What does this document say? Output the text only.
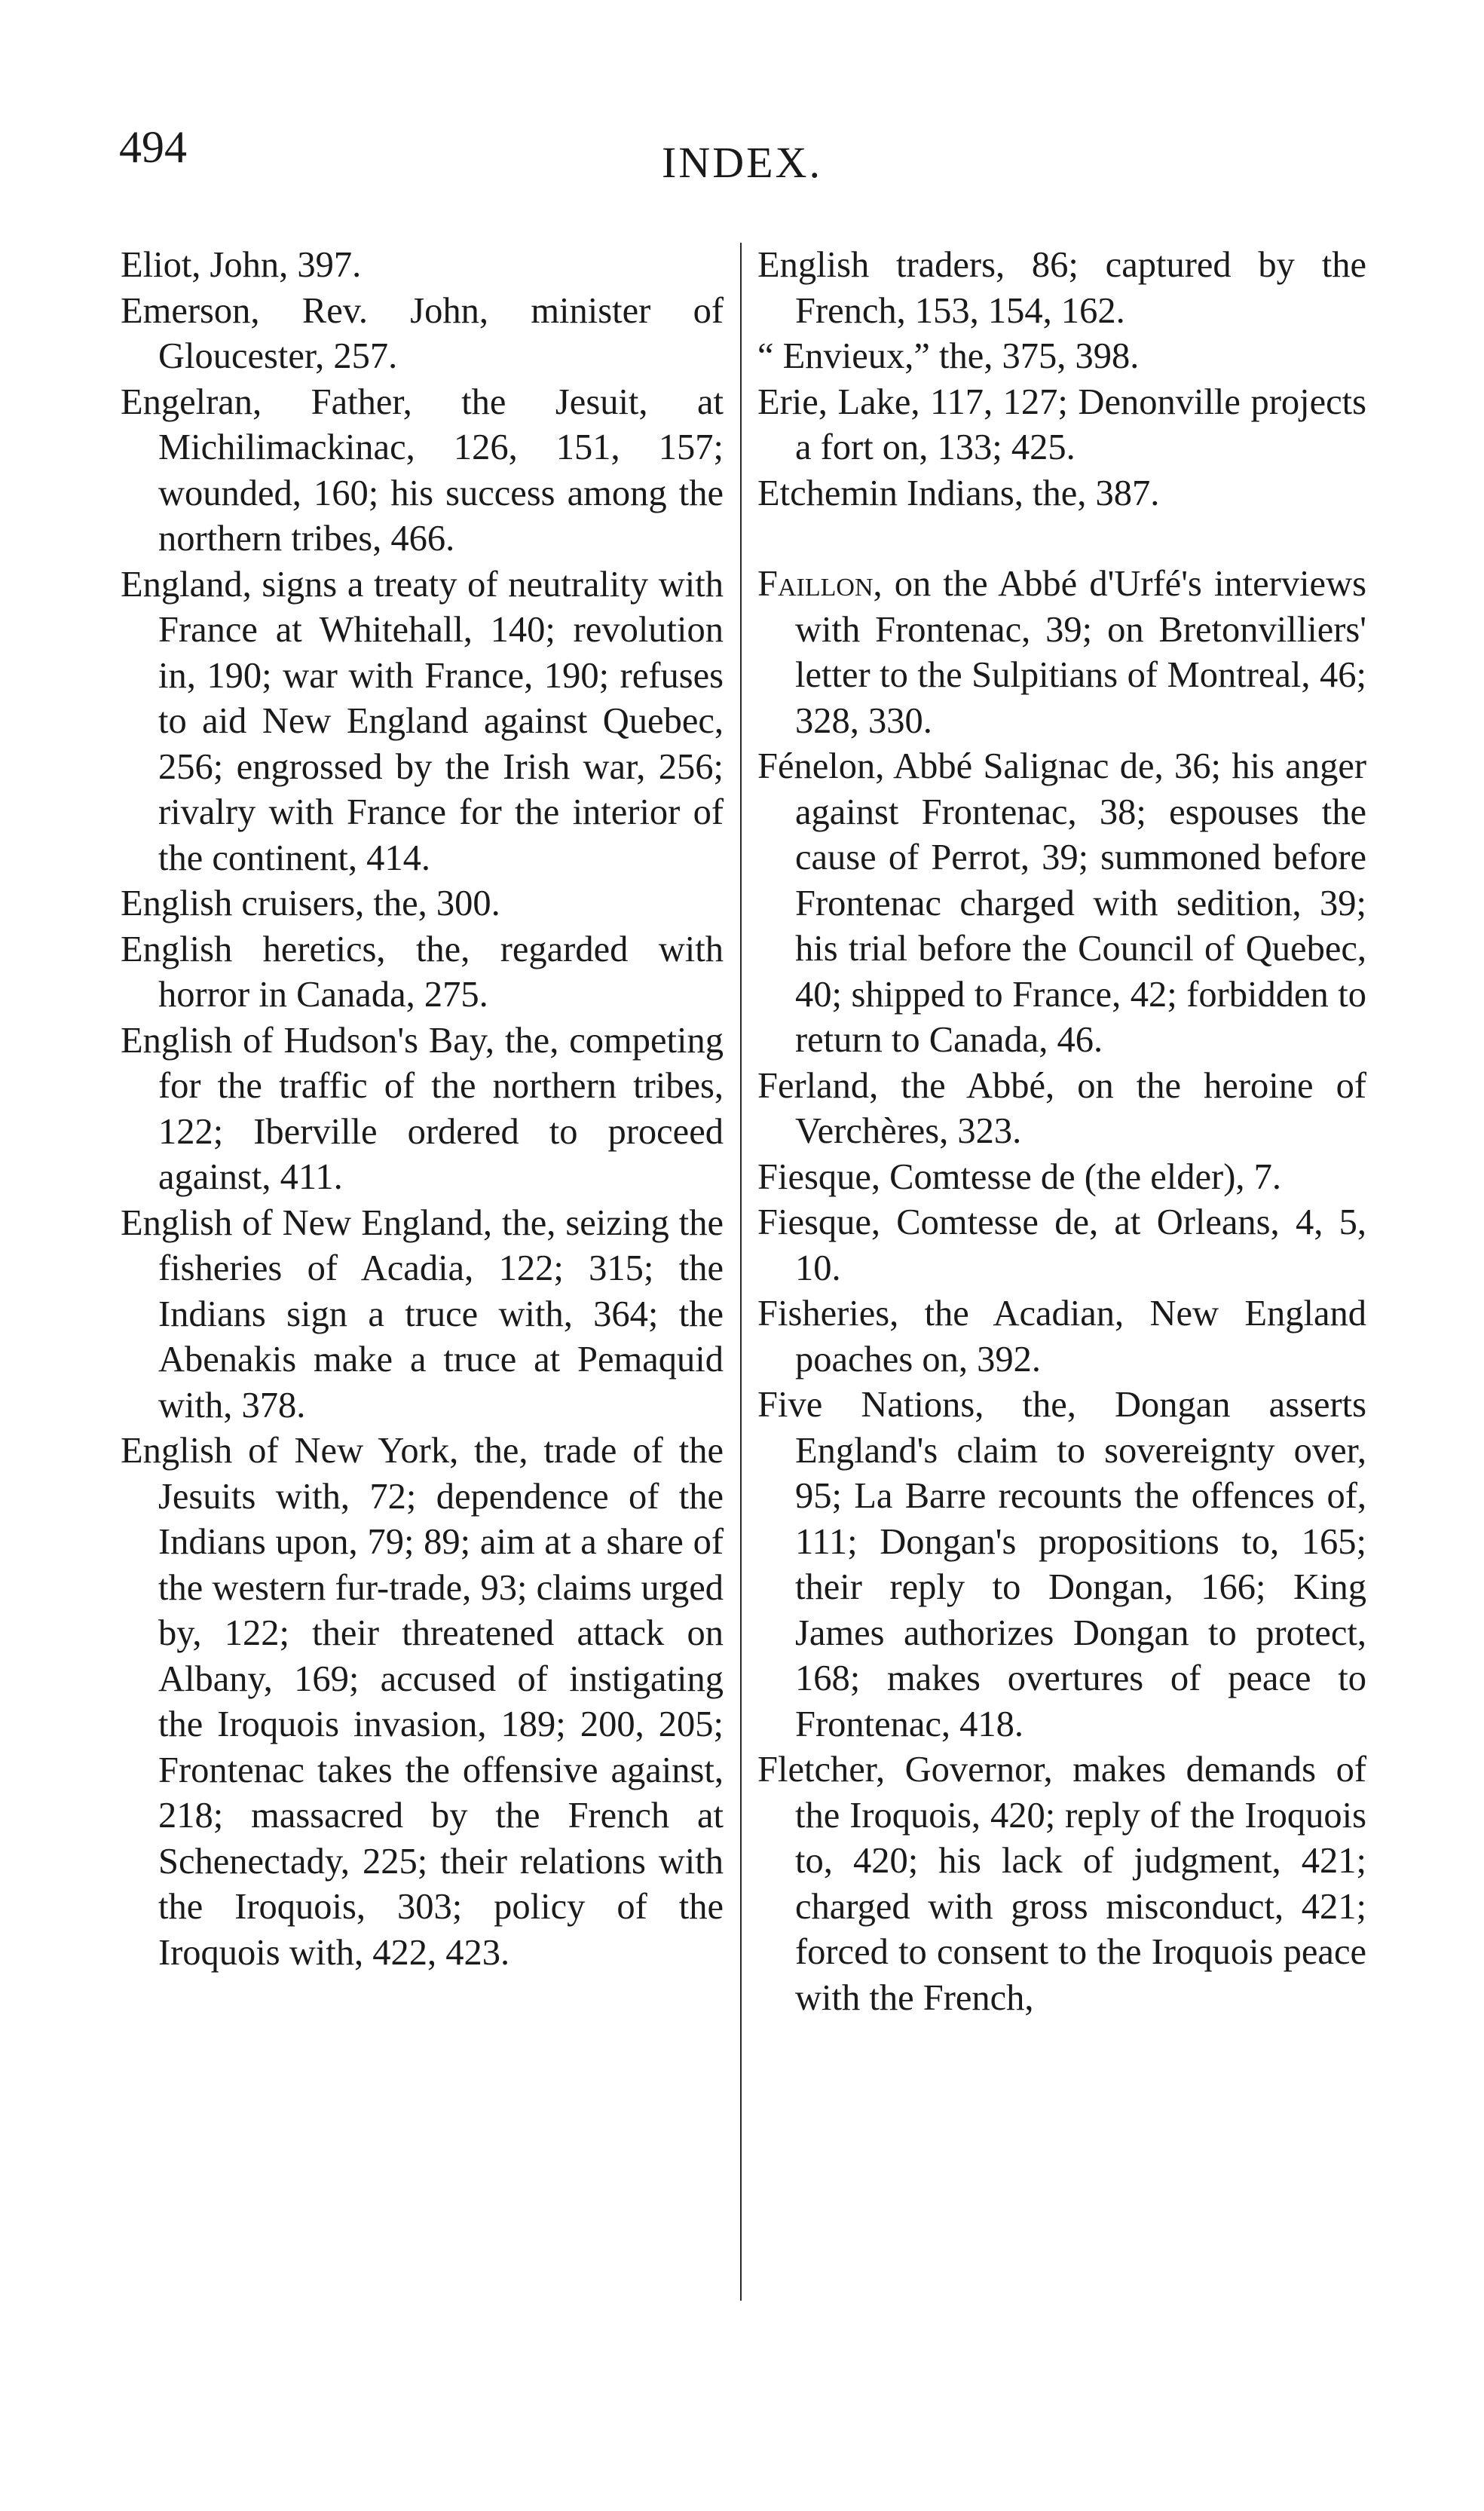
494	INDEX.

Eliot, John, 397.

Emerson, Rev. John, minister of Gloucester, 257.

Engelran, Father, the Jesuit, at Michilimackinac, 126, 151, 157; wounded, 160; his success among the northern tribes, 466.

England, signs a treaty of neutrality with France at Whitehall, 140; revolution in, 190; war with France, 190; refuses to aid New England against Quebec, 256; engrossed by the Irish war, 256; rivalry with France for the interior of the continent, 414.

English cruisers, the, 300.

English heretics, the, regarded with horror in Canada, 275.

English of Hudson's Bay, the, competing for the traffic of the northern tribes, 122; Iberville ordered to proceed against, 411.

English of New England, the, seizing the fisheries of Acadia, 122; 315; the Indians sign a truce with, 364; the Abenakis make a truce at Pemaquid with, 378.

English of New York, the, trade of the Jesuits with, 72; dependence of the Indians upon, 79; 89; aim at a share of the western fur-trade, 93; claims urged by, 122; their threatened attack on Albany, 169; accused of instigating the Iroquois invasion, 189; 200, 205; Frontenac takes the offensive against, 218; massacred by the French at Schenectady, 225; their relations with the Iroquois, 303; policy of the Iroquois with, 422, 423.

English traders, 86; captured by the French, 153, 154, 162.

“ Envieux,” the, 375, 398.

Erie, Lake, 117, 127; Denonville projects a fort on, 133; 425.

Etchemin Indians, the, 387.

Faillon, on the Abbé d'Urfé's interviews with Frontenac, 39; on Bretonvilliers' letter to the Sulpitians of Montreal, 46; 328, 330.

Fénelon, Abbé Salignac de, 36; his anger against Frontenac, 38; espouses the cause of Perrot, 39; summoned before Frontenac charged with sedition, 39; his trial before the Council of Quebec, 40; shipped to France, 42; forbidden to return to Canada, 46.

Ferland, the Abbé, on the heroine of Verchères, 323.

Fiesque, Comtesse de (the elder), 7.

Fiesque, Comtesse de, at Orleans, 4, 5, 10.

Fisheries, the Acadian, New England poaches on, 392.

Five Nations, the, Dongan asserts England's claim to sovereignty over, 95; La Barre recounts the offences of, 111; Dongan's propositions to, 165; their reply to Dongan, 166; King James authorizes Dongan to protect, 168; makes overtures of peace to Frontenac, 418.

Fletcher, Governor, makes demands of the Iroquois, 420; reply of the Iroquois to, 420; his lack of judgment, 421; charged with gross misconduct, 421; forced to consent to the Iroquois peace with the French,
